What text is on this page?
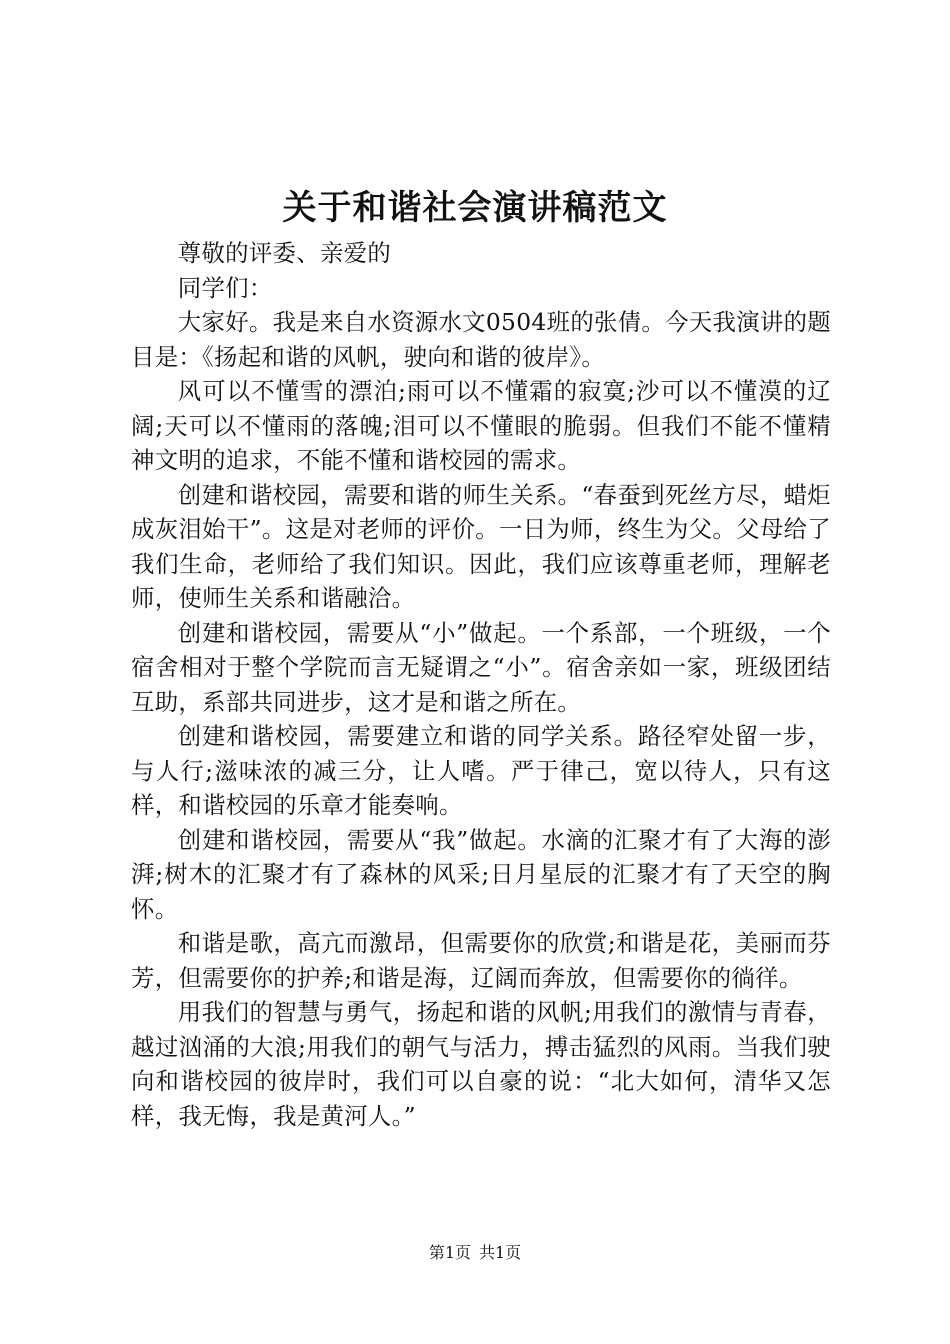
关于和谐社会演讲稿范文

尊敬的评委、亲爱的

同学们：

大家好。我是来自水资源水文0504班的张倩。今天我演讲的题目是：《扬起和谐的风帆，驶向和谐的彼岸》。

风可以不懂雪的漂泊;雨可以不懂霜的寂寞;沙可以不懂漠的辽阔;天可以不懂雨的落魄;泪可以不懂眼的脆弱。但我们不能不懂精神文明的追求，不能不懂和谐校园的需求。

创建和谐校园，需要和谐的师生关系。“春蚕到死丝方尽，蜡炬成灰泪始干”。这是对老师的评价。一日为师，终生为父。父母给了我们生命，老师给了我们知识。因此，我们应该尊重老师，理解老师，使师生关系和谐融洽。

创建和谐校园，需要从“小”做起。一个系部，一个班级，一个宿舍相对于整个学院而言无疑谓之“小”。宿舍亲如一家，班级团结互助，系部共同进步，这才是和谐之所在。

创建和谐校园，需要建立和谐的同学关系。路径窄处留一步，与人行;滋味浓的减三分，让人嗜。严于律己，宽以待人，只有这样，和谐校园的乐章才能奏响。

创建和谐校园，需要从“我”做起。水滴的汇聚才有了大海的澎湃;树木的汇聚才有了森林的风采;日月星辰的汇聚才有了天空的胸怀。

和谐是歌，高亢而激昂，但需要你的欣赏;和谐是花，美丽而芬芳，但需要你的护养;和谐是海，辽阔而奔放，但需要你的徜徉。

用我们的智慧与勇气，扬起和谐的风帆;用我们的激情与青春，越过汹涌的大浪;用我们的朝气与活力，搏击猛烈的风雨。当我们驶向和谐校园的彼岸时，我们可以自豪的说：“北大如何，清华又怎样，我无悔，我是黄河人。”

第1页 共1页
